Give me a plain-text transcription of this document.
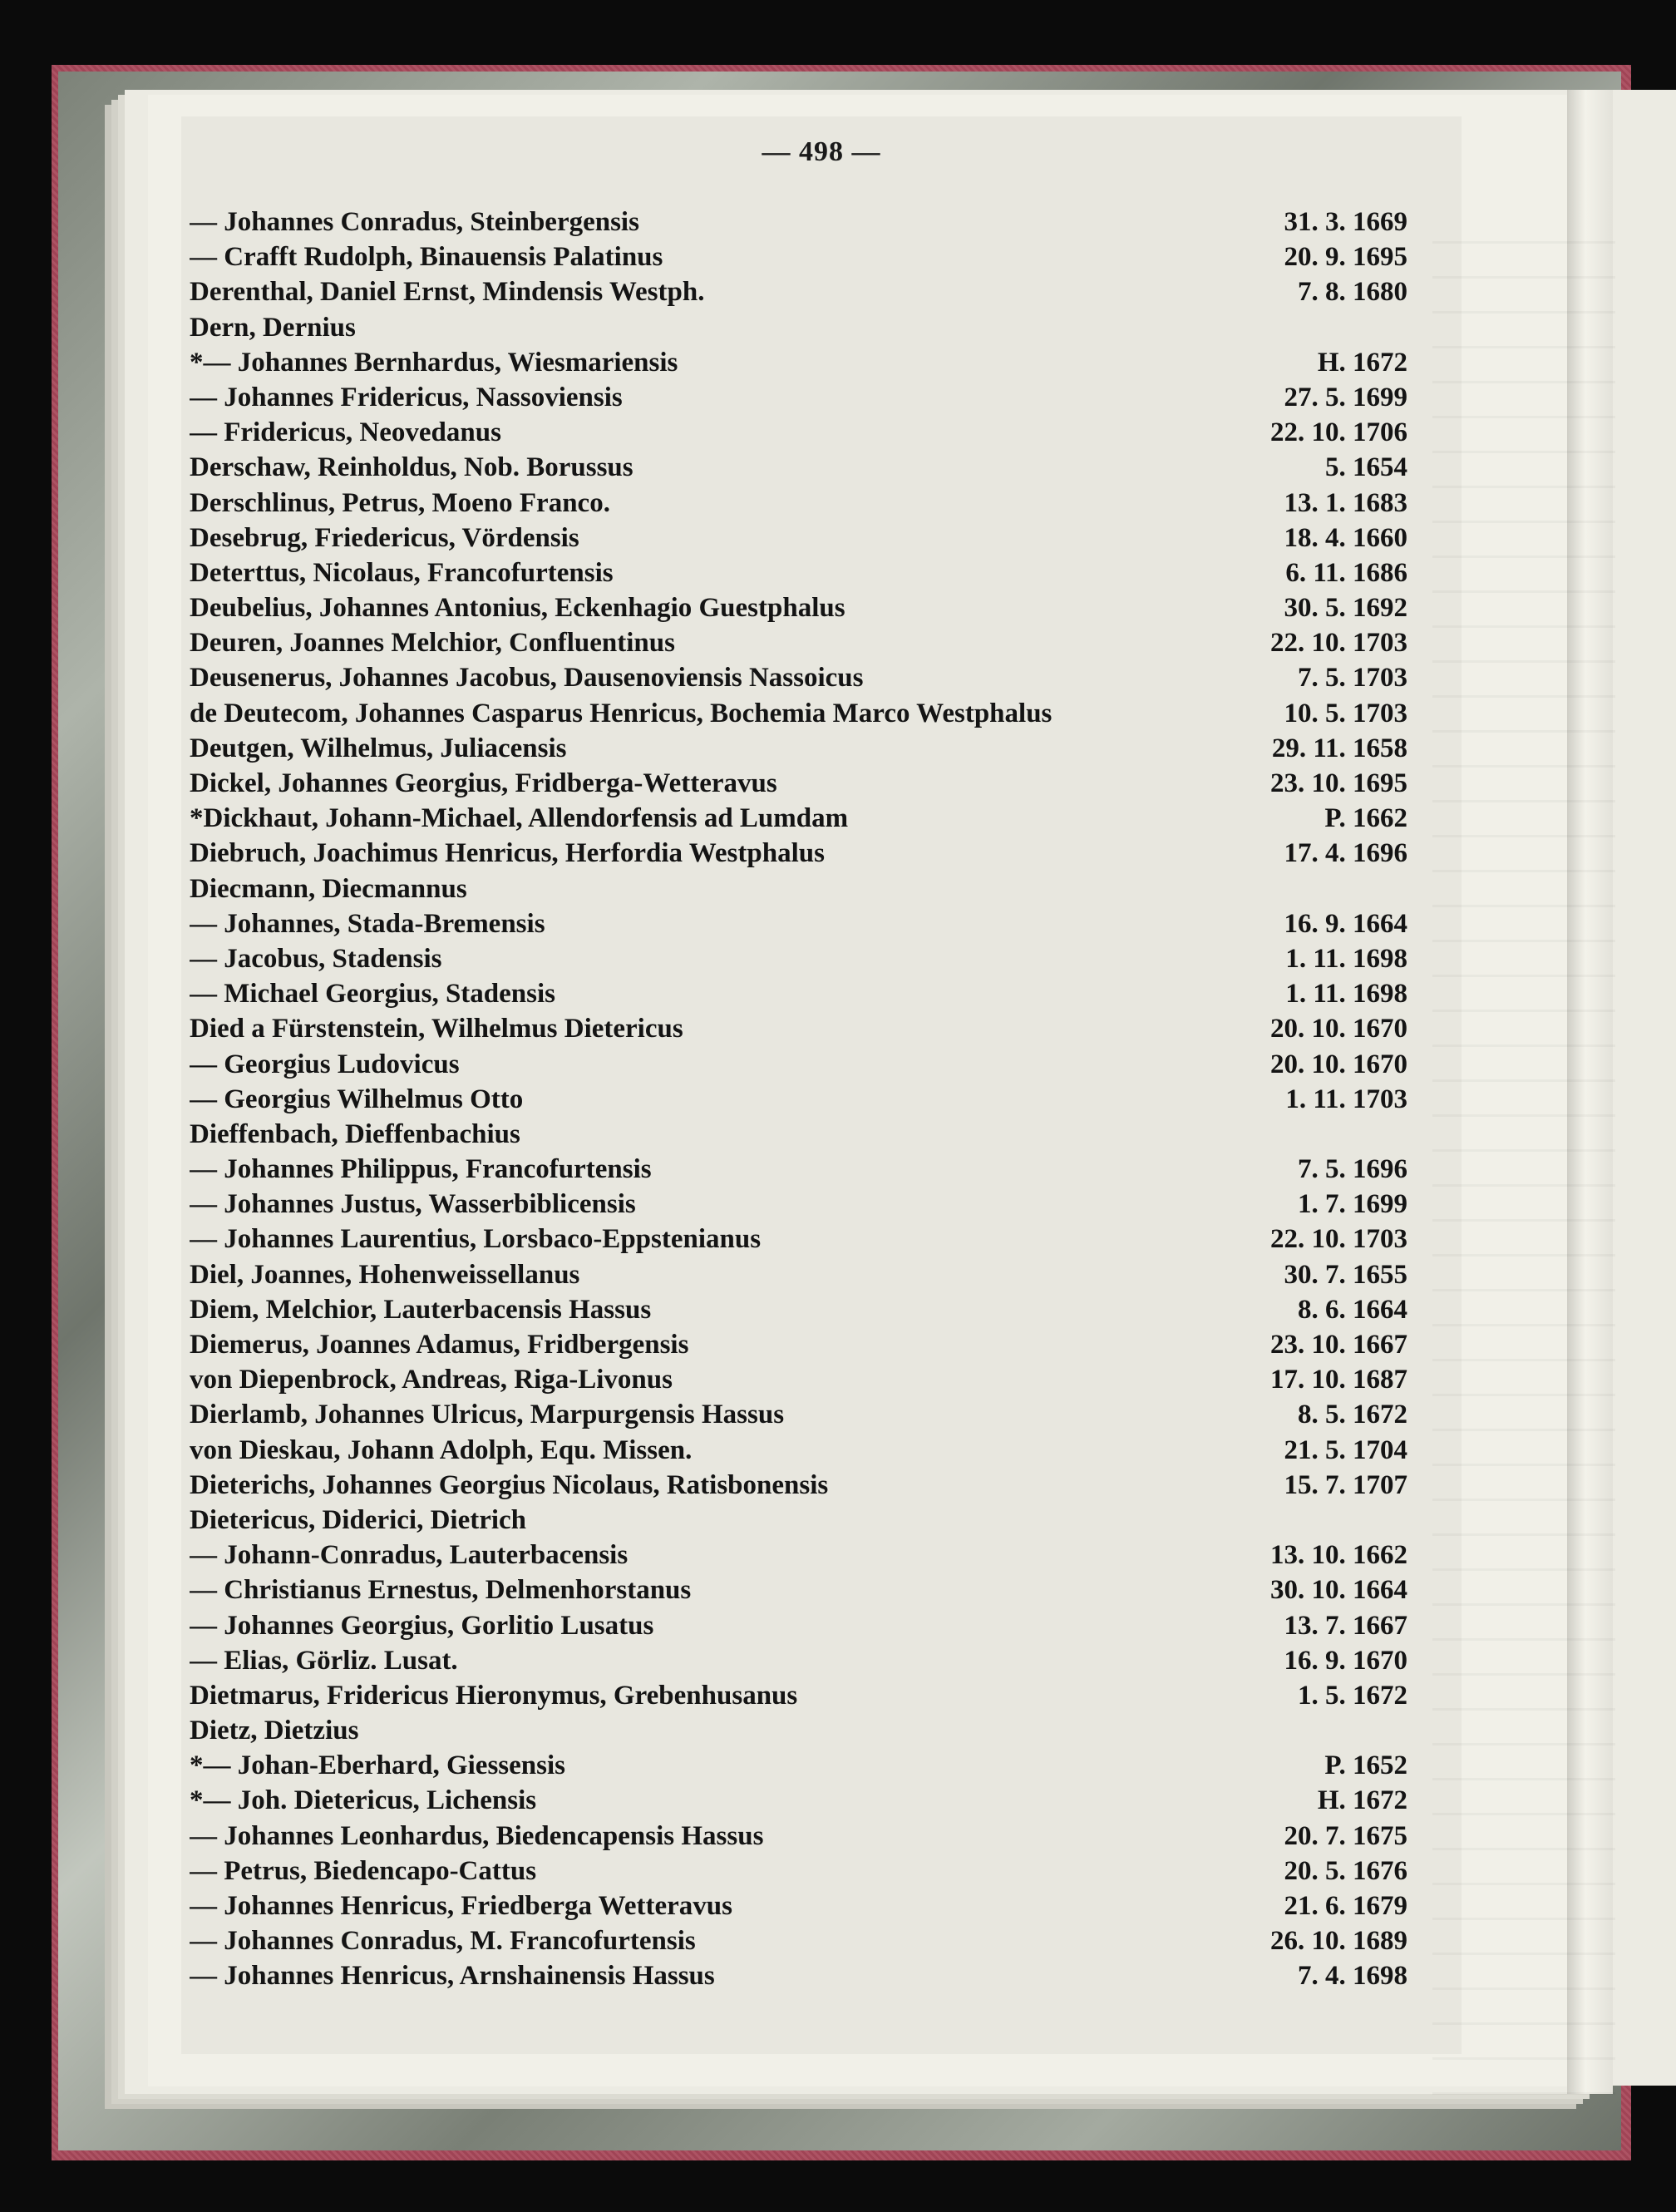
— 498 —
— Johannes Conradus, Steinbergensis	31. 3. 1669
— Crafft Rudolph, Binauensis Palatinus	20. 9. 1695
Derenthal, Daniel Ernst, Mindensis Westph.	7. 8. 1680
Dern, Dernius
*— Johannes Bernhardus, Wiesmariensis	H. 1672
— Johannes Fridericus, Nassoviensis	27. 5. 1699
— Fridericus, Neovedanus	22. 10. 1706
Derschaw, Reinholdus, Nob. Borussus	5. 1654
Derschlinus, Petrus, Moeno Franco.	13. 1. 1683
Desebrug, Friedericus, Vördensis	18. 4. 1660
Deterttus, Nicolaus, Francofurtensis	6. 11. 1686
Deubelius, Johannes Antonius, Eckenhagio Guestphalus	30. 5. 1692
Deuren, Joannes Melchior, Confluentinus	22. 10. 1703
Deusenerus, Johannes Jacobus, Dausenoviensis Nassoicus	7. 5. 1703
de Deutecom, Johannes Casparus Henricus, Bochemia Marco Westphalus	10. 5. 1703
Deutgen, Wilhelmus, Juliacensis	29. 11. 1658
Dickel, Johannes Georgius, Fridberga-Wetteravus	23. 10. 1695
*Dickhaut, Johann-Michael, Allendorfensis ad Lumdam	P. 1662
Diebruch, Joachimus Henricus, Herfordia Westphalus	17. 4. 1696
Diecmann, Diecmannus
— Johannes, Stada-Bremensis	16. 9. 1664
— Jacobus, Stadensis	1. 11. 1698
— Michael Georgius, Stadensis	1. 11. 1698
Died a Fürstenstein, Wilhelmus Dietericus	20. 10. 1670
— Georgius Ludovicus	20. 10. 1670
— Georgius Wilhelmus Otto	1. 11. 1703
Dieffenbach, Dieffenbachius
— Johannes Philippus, Francofurtensis	7. 5. 1696
— Johannes Justus, Wasserbiblicensis	1. 7. 1699
— Johannes Laurentius, Lorsbaco-Eppstenianus	22. 10. 1703
Diel, Joannes, Hohenweissellanus	30. 7. 1655
Diem, Melchior, Lauterbacensis Hassus	8. 6. 1664
Diemerus, Joannes Adamus, Fridbergensis	23. 10. 1667
von Diepenbrock, Andreas, Riga-Livonus	17. 10. 1687
Dierlamb, Johannes Ulricus, Marpurgensis Hassus	8. 5. 1672
von Dieskau, Johann Adolph, Equ. Missen.	21. 5. 1704
Dieterichs, Johannes Georgius Nicolaus, Ratisbonensis	15. 7. 1707
Dietericus, Diderici, Dietrich
— Johann-Conradus, Lauterbacensis	13. 10. 1662
— Christianus Ernestus, Delmenhorstanus	30. 10. 1664
— Johannes Georgius, Gorlitio Lusatus	13. 7. 1667
— Elias, Görliz. Lusat.	16. 9. 1670
Dietmarus, Fridericus Hieronymus, Grebenhusanus	1. 5. 1672
Dietz, Dietzius
*— Johan-Eberhard, Giessensis	P. 1652
*— Joh. Dietericus, Lichensis	H. 1672
— Johannes Leonhardus, Biedencapensis Hassus	20. 7. 1675
— Petrus, Biedencapo-Cattus	20. 5. 1676
— Johannes Henricus, Friedberga Wetteravus	21. 6. 1679
— Johannes Conradus, M. Francofurtensis	26. 10. 1689
— Johannes Henricus, Arnshainensis Hassus	7. 4. 1698
